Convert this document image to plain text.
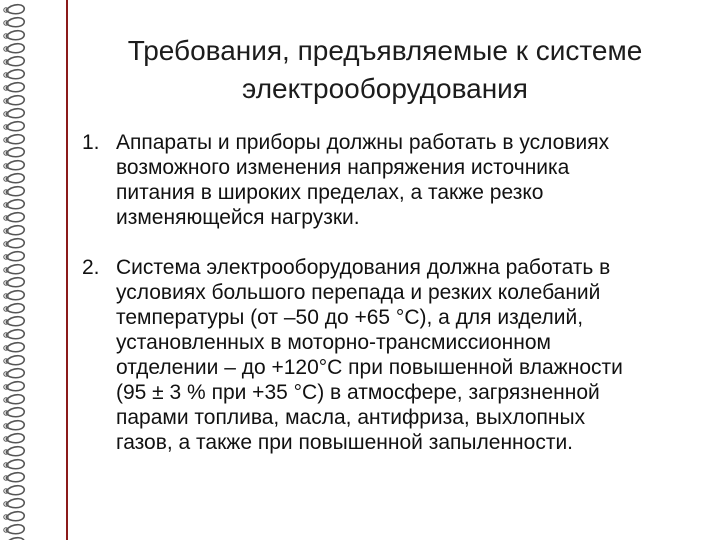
Требования, предъявляемые к системе
электрооборудования
1. Аппараты и приборы должны работать в условиях
возможного изменения напряжения источника
питания в широких пределах, а также резко
изменяющейся нагрузки.
2. Система электрооборудования должна работать в
условиях большого перепада и резких колебаний
температуры (от –50 до +65 °С), а для изделий,
установленных в моторно-трансмиссионном
отделении – до +120°С при повышенной влажности
(95 ± 3 % при +35 °С) в атмосфере, загрязненной
парами топлива, масла, антифриза, выхлопных
газов, а также при повышенной запыленности.
